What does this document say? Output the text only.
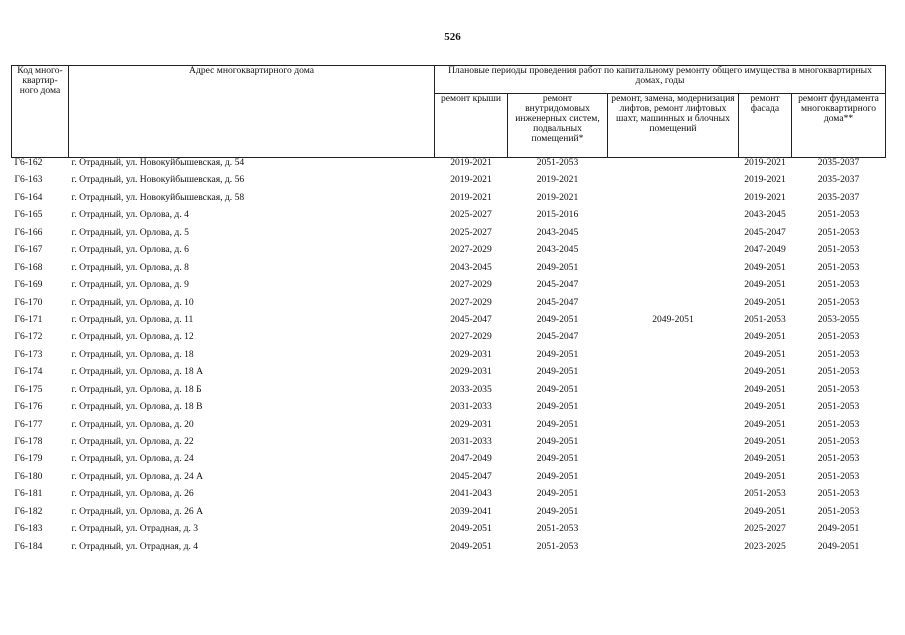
526
Код много-квартир-ного дома	Адрес многоквартирного дома	Плановые периоды проведения работ по капитальному ремонту общего имущества в многоквартирных домах, годы				
		ремонт крыши	ремонт внутридомовых инженерных систем, подвальных помещений*	ремонт, замена, модернизация лифтов, ремонт лифтовых шахт, машинных и блочных помещений	ремонт фасада	ремонт фундамента многоквартирного дома**
Г6-162	г. Отрадный, ул. Новокуйбышевская, д. 54	2019-2021	2051-2053		2019-2021	2035-2037
Г6-163	г. Отрадный, ул. Новокуйбышевская, д. 56	2019-2021	2019-2021		2019-2021	2035-2037
Г6-164	г. Отрадный, ул. Новокуйбышевская, д. 58	2019-2021	2019-2021		2019-2021	2035-2037
Г6-165	г. Отрадный, ул. Орлова, д. 4	2025-2027	2015-2016		2043-2045	2051-2053
Г6-166	г. Отрадный, ул. Орлова, д. 5	2025-2027	2043-2045		2045-2047	2051-2053
Г6-167	г. Отрадный, ул. Орлова, д. 6	2027-2029	2043-2045		2047-2049	2051-2053
Г6-168	г. Отрадный, ул. Орлова, д. 8	2043-2045	2049-2051		2049-2051	2051-2053
Г6-169	г. Отрадный, ул. Орлова, д. 9	2027-2029	2045-2047		2049-2051	2051-2053
Г6-170	г. Отрадный, ул. Орлова, д. 10	2027-2029	2045-2047		2049-2051	2051-2053
Г6-171	г. Отрадный, ул. Орлова, д. 11	2045-2047	2049-2051	2049-2051	2051-2053	2053-2055
Г6-172	г. Отрадный, ул. Орлова, д. 12	2027-2029	2045-2047		2049-2051	2051-2053
Г6-173	г. Отрадный, ул. Орлова, д. 18	2029-2031	2049-2051		2049-2051	2051-2053
Г6-174	г. Отрадный, ул. Орлова, д. 18 А	2029-2031	2049-2051		2049-2051	2051-2053
Г6-175	г. Отрадный, ул. Орлова, д. 18 Б	2033-2035	2049-2051		2049-2051	2051-2053
Г6-176	г. Отрадный, ул. Орлова, д. 18 В	2031-2033	2049-2051		2049-2051	2051-2053
Г6-177	г. Отрадный, ул. Орлова, д. 20	2029-2031	2049-2051		2049-2051	2051-2053
Г6-178	г. Отрадный, ул. Орлова, д. 22	2031-2033	2049-2051		2049-2051	2051-2053
Г6-179	г. Отрадный, ул. Орлова, д. 24	2047-2049	2049-2051		2049-2051	2051-2053
Г6-180	г. Отрадный, ул. Орлова, д. 24 А	2045-2047	2049-2051		2049-2051	2051-2053
Г6-181	г. Отрадный, ул. Орлова, д. 26	2041-2043	2049-2051		2051-2053	2051-2053
Г6-182	г. Отрадный, ул. Орлова, д. 26 А	2039-2041	2049-2051		2049-2051	2051-2053
Г6-183	г. Отрадный, ул. Отрадная, д. 3	2049-2051	2051-2053		2025-2027	2049-2051
Г6-184	г. Отрадный, ул. Отрадная, д. 4	2049-2051	2051-2053		2023-2025	2049-2051
